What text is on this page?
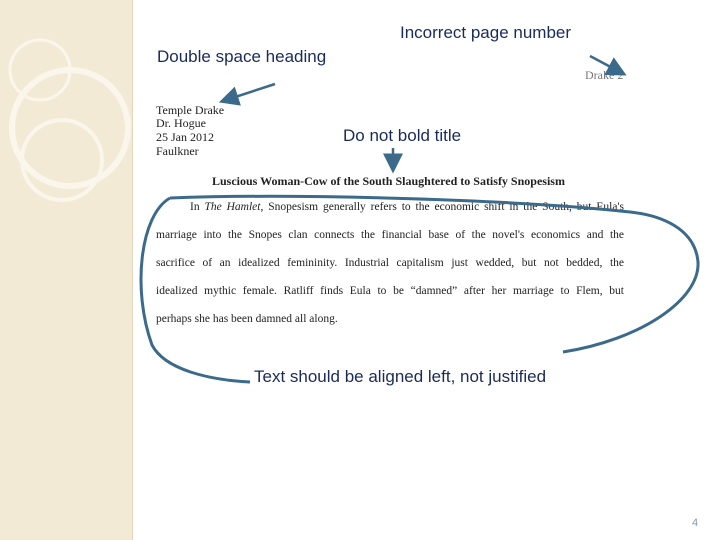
Incorrect page number
Double space heading
Do not bold title
Text should be aligned left, not justified
Drake 2
Temple Drake
Dr. Hogue
25 Jan 2012
Faulkner
Luscious Woman-Cow of the South Slaughtered to Satisfy Snopesism
In The Hamlet, Snopesism generally refers to the economic shift in the South, but Eula's
marriage into the Snopes clan connects the financial base of the novel's economics and the
sacrifice of an idealized femininity. Industrial capitalism just wedded, but not bedded, the
idealized mythic female. Ratliff finds Eula to be “damned” after her marriage to Flem, but
perhaps she has been damned all along.
4
